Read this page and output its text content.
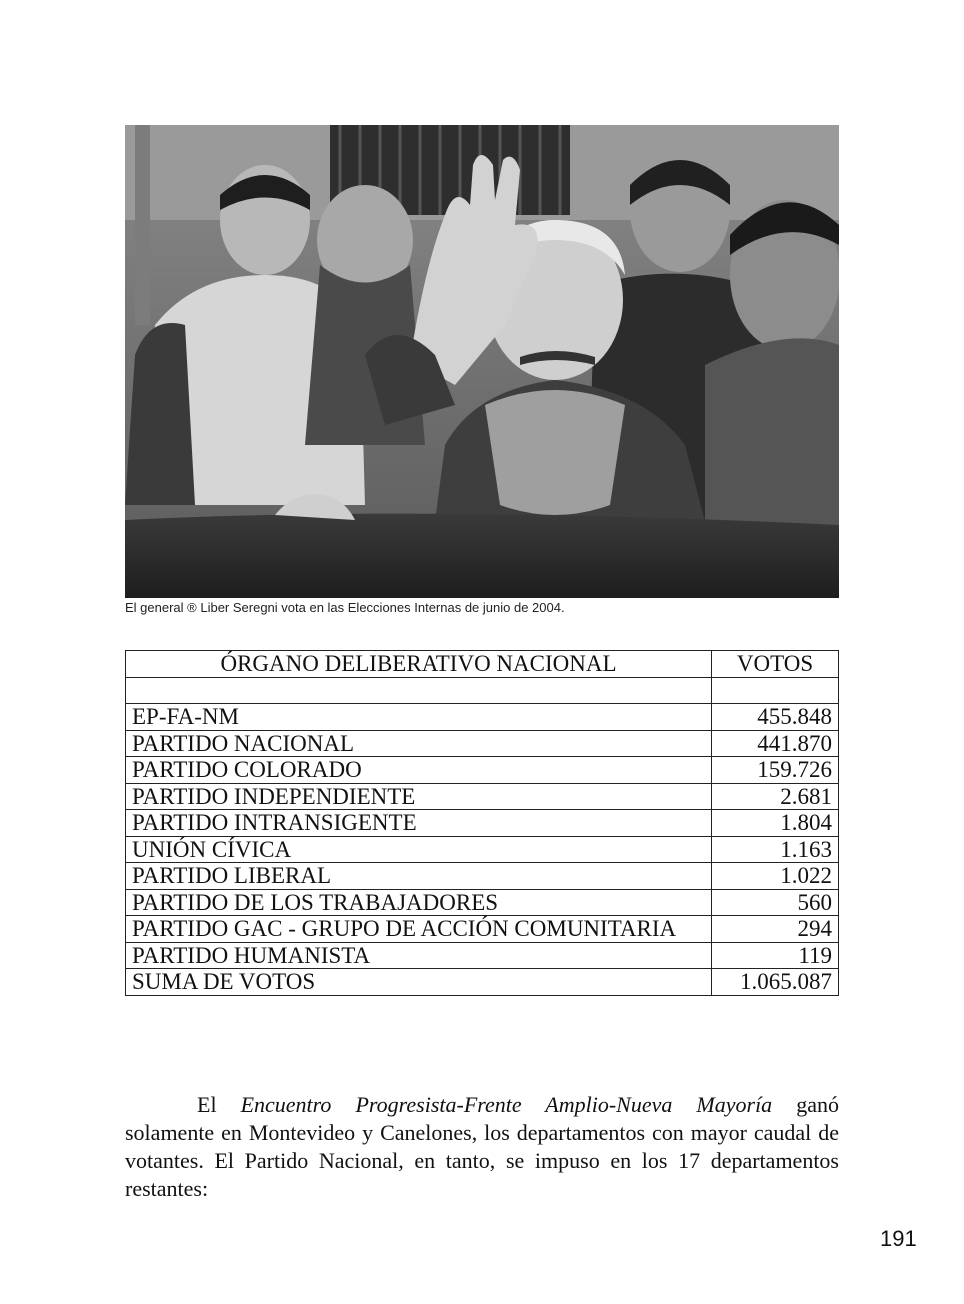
El general ® Liber Seregni vota en las Elecciones Internas de junio de 2004.
ÓRGANO DELIBERATIVO NACIONAL	VOTOS

EP-FA-NM	455.848
PARTIDO NACIONAL	441.870
PARTIDO COLORADO	159.726
PARTIDO INDEPENDIENTE	2.681
PARTIDO INTRANSIGENTE	1.804
UNIÓN CÍVICA	1.163
PARTIDO LIBERAL	1.022
PARTIDO DE LOS TRABAJADORES	560
PARTIDO GAC - GRUPO DE ACCIÓN COMUNITARIA	294
PARTIDO HUMANISTA	119
SUMA DE VOTOS	1.065.087

El Encuentro Progresista-Frente Amplio-Nueva Mayoría ganó solamente en Montevideo y Canelones, los departamentos con mayor caudal de votantes. El Partido Nacional, en tanto, se impuso en los 17 departamentos restantes:

191
